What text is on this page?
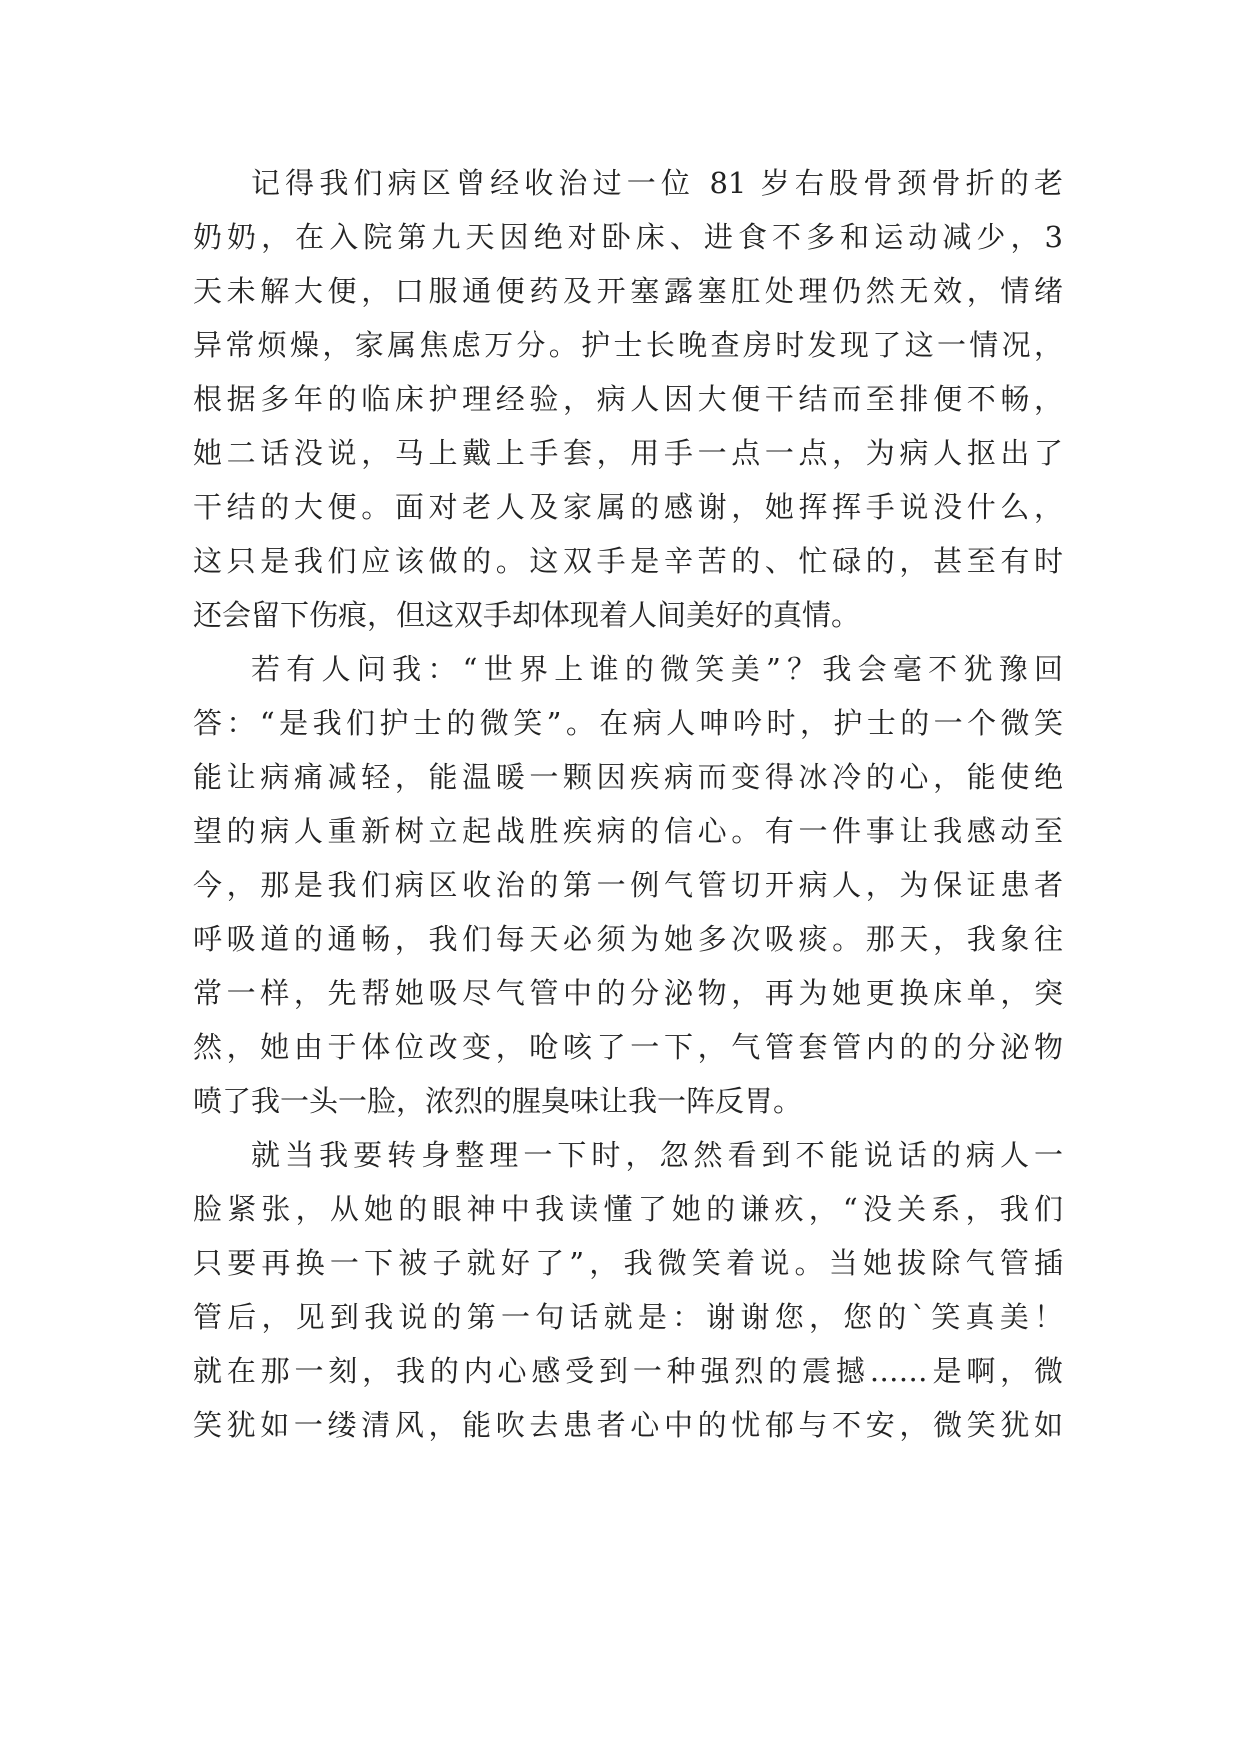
记得我们病区曾经收治过一位 81 岁右股骨颈骨折的老
奶奶，在入院第九天因绝对卧床、进食不多和运动减少，3
天未解大便，口服通便药及开塞露塞肛处理仍然无效，情绪
异常烦燥，家属焦虑万分。护士长晚查房时发现了这一情况，
根据多年的临床护理经验，病人因大便干结而至排便不畅，
她二话没说，马上戴上手套，用手一点一点，为病人抠出了
干结的大便。面对老人及家属的感谢，她挥挥手说没什么，
这只是我们应该做的。这双手是辛苦的、忙碌的，甚至有时
还会留下伤痕，但这双手却体现着人间美好的真情。
若有人问我：“世界上谁的微笑美”？我会毫不犹豫回
答：“是我们护士的微笑”。在病人呻吟时，护士的一个微笑
能让病痛减轻，能温暖一颗因疾病而变得冰冷的心，能使绝
望的病人重新树立起战胜疾病的信心。有一件事让我感动至
今，那是我们病区收治的第一例气管切开病人，为保证患者
呼吸道的通畅，我们每天必须为她多次吸痰。那天，我象往
常一样，先帮她吸尽气管中的分泌物，再为她更换床单，突
然，她由于体位改变，呛咳了一下，气管套管内的的分泌物
喷了我一头一脸，浓烈的腥臭味让我一阵反胃。
就当我要转身整理一下时，忽然看到不能说话的病人一
脸紧张，从她的眼神中我读懂了她的谦疚，“没关系，我们
只要再换一下被子就好了”，我微笑着说。当她拔除气管插
管后，见到我说的第一句话就是：谢谢您，您的`笑真美！
就在那一刻，我的内心感受到一种强烈的震撼……是啊，微
笑犹如一缕清风，能吹去患者心中的忧郁与不安，微笑犹如
